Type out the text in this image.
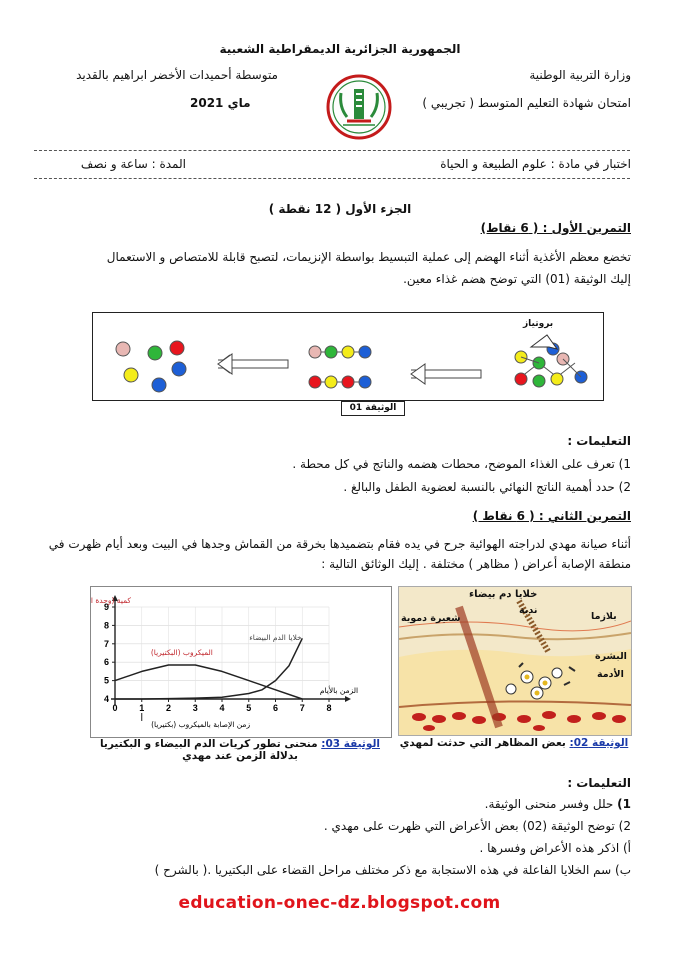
الجمهورية الجزائرية الديمقراطية الشعبية
وزارة التربية الوطنية
متوسطة أحميدات الأخضر ابراهيم بالقديد
امتحان شهادة التعليم المتوسط ( تجريبي )
ماي 2021
اختبار في مادة : علوم الطبيعة و الحياة
المدة : ساعة و نصف
الجزء الأول ( 12 نقطة )
التمرين الأول : ( 6 نقاط)
تخضع معظم الأغذية أثناء الهضم إلى عملية التبسيط بواسطة الإنزيمات، لتصبح قابلة للامتصاص و الاستعمال
إليك الوثيقة (01) التي توضح هضم غذاء معين.
الوثيقة 01
بروتياز
التعليمات :
1) تعرف على الغذاء الموضح، محطات هضمه والناتج في كل محطة .
2) حدد أهمية الناتج النهائي بالنسبة لعضوية الطفل والبالغ .
التمرين الثاني : ( 6 نقاط )
أثناء صيانة مهدي لدراجته الهوائية جرح في يده فقام بتضميدها بخرقة من القماش وجدها في البيت وبعد أيام ظهرت في
منطقة الإصابة أعراض ( مظاهر ) مختلفة . إليك الوثائق التالية :
خلايا دم بيضاء
ندبة
شعيرة دموية	بلازما
البشرة
الأدمة
الوثيقة 02: بعض المظاهر التي حدثت لمهدي
0 1 2 3 4 5 6 7 8
4
5
6
7
8
9
كمية (وحدة
الزمن بالأيام
زمن الإصابة بالميكروب (بكتيريا)
الميكروب (البكتيريا)
خلايا الدم البيضاء
الوثيقة 03: منحنى تطور كريات الدم البيضاء و البكتيريا
بدلالة الزمن عند مهدي
التعليمات :
1) حلل وفسر منحنى الوثيقة.
2) توضح الوثيقة (02) بعض الأعراض التي ظهرت على مهدي .
أ) اذكر هذه الأعراض وفسرها .
ب) سم الخلايا الفاعلة في هذه الاستجابة مع ذكر مختلف مراحل القضاء على البكتيريا .( بالشرح )
education-onec-dz.blogspot.com
